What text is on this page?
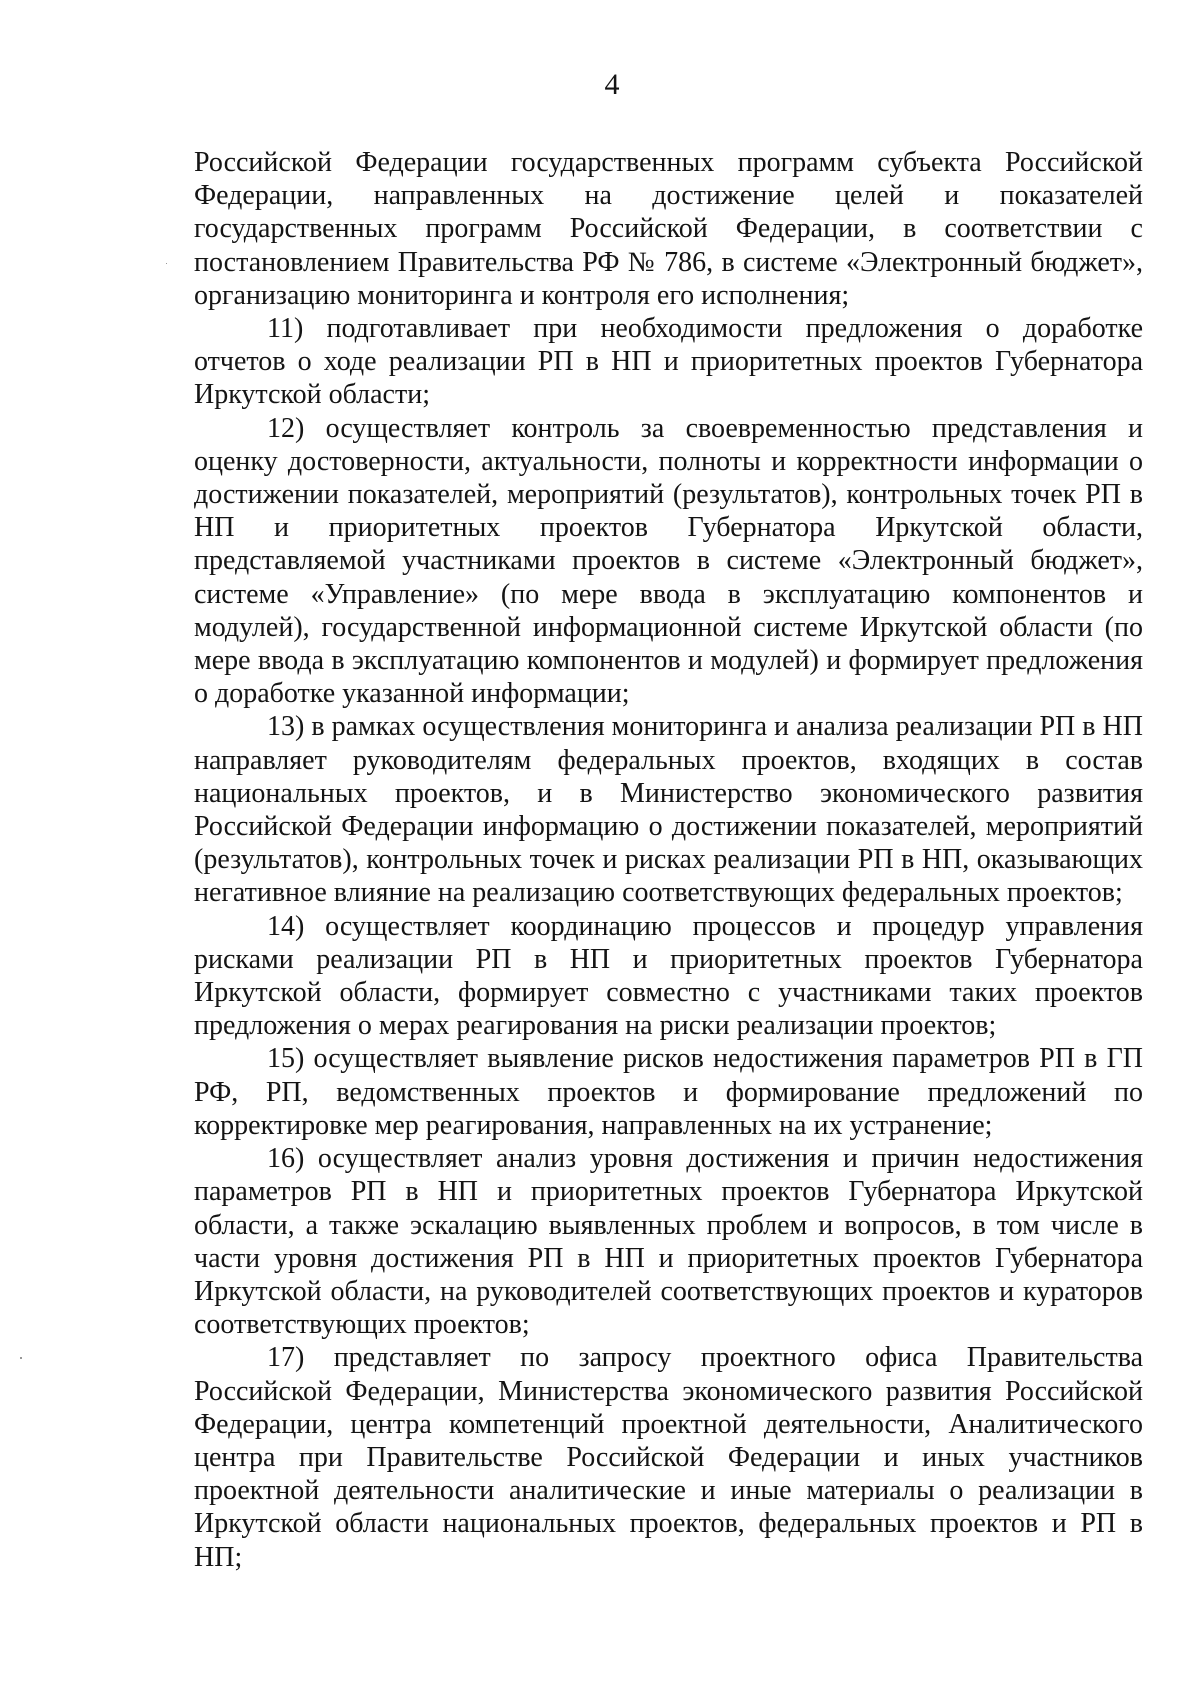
4

Российской Федерации государственных программ субъекта Российской Федерации, направленных на достижение целей и показателей государственных программ Российской Федерации, в соответствии с постановлением Правительства РФ № 786, в системе «Электронный бюджет», организацию мониторинга и контроля его исполнения;

11) подготавливает при необходимости предложения о доработке отчетов о ходе реализации РП в НП и приоритетных проектов Губернатора Иркутской области;

12) осуществляет контроль за своевременностью представления и оценку достоверности, актуальности, полноты и корректности информации о достижении показателей, мероприятий (результатов), контрольных точек РП в НП и приоритетных проектов Губернатора Иркутской области, представляемой участниками проектов в системе «Электронный бюджет», системе «Управление» (по мере ввода в эксплуатацию компонентов и модулей), государственной информационной системе Иркутской области (по мере ввода в эксплуатацию компонентов и модулей) и формирует предложения о доработке указанной информации;

13) в рамках осуществления мониторинга и анализа реализации РП в НП направляет руководителям федеральных проектов, входящих в состав национальных проектов, и в Министерство экономического развития Российской Федерации информацию о достижении показателей, мероприятий (результатов), контрольных точек и рисках реализации РП в НП, оказывающих негативное влияние на реализацию соответствующих федеральных проектов;

14) осуществляет координацию процессов и процедур управления рисками реализации РП в НП и приоритетных проектов Губернатора Иркутской области, формирует совместно с участниками таких проектов предложения о мерах реагирования на риски реализации проектов;

15) осуществляет выявление рисков недостижения параметров РП в ГП РФ, РП, ведомственных проектов и формирование предложений по корректировке мер реагирования, направленных на их устранение;

16) осуществляет анализ уровня достижения и причин недостижения параметров РП в НП и приоритетных проектов Губернатора Иркутской области, а также эскалацию выявленных проблем и вопросов, в том числе в части уровня достижения РП в НП и приоритетных проектов Губернатора Иркутской области, на руководителей соответствующих проектов и кураторов соответствующих проектов;

17) представляет по запросу проектного офиса Правительства Российской Федерации, Министерства экономического развития Российской Федерации, центра компетенций проектной деятельности, Аналитического центра при Правительстве Российской Федерации и иных участников проектной деятельности аналитические и иные материалы о реализации в Иркутской области национальных проектов, федеральных проектов и РП в НП;
